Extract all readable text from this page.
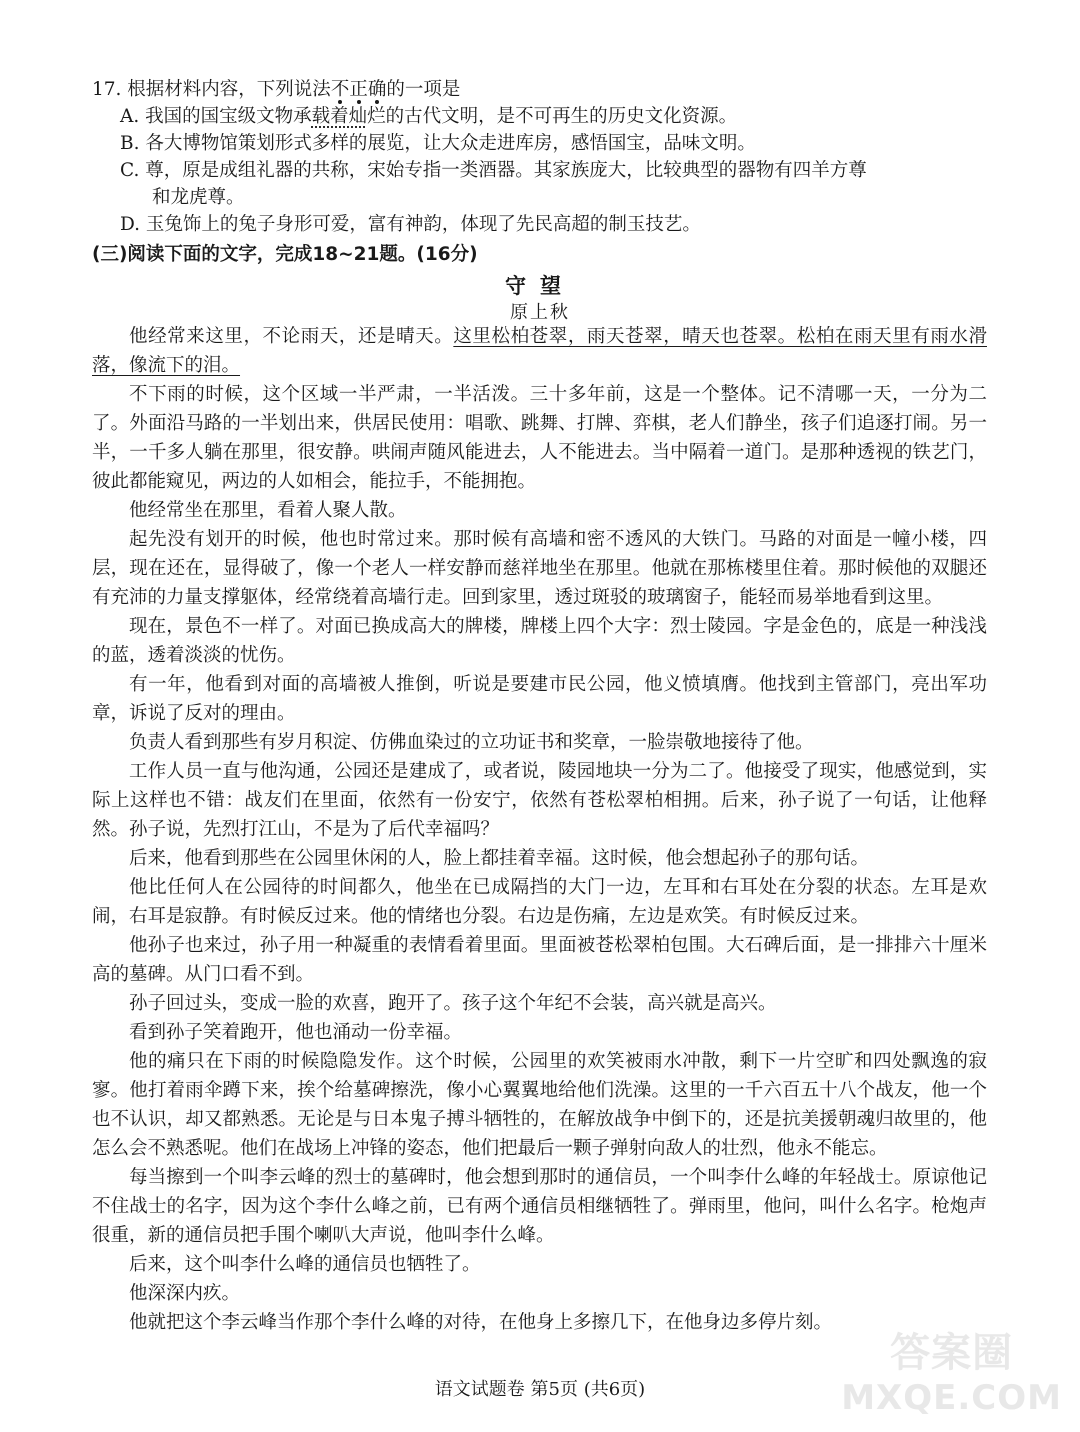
17. 根据材料内容，下列说法不正确的一项是
A. 我国的国宝级文物承载着灿烂的古代文明，是不可再生的历史文化资源。
B. 各大博物馆策划形式多样的展览，让大众走进库房，感悟国宝，品味文明。
C. 尊，原是成组礼器的共称，宋始专指一类酒器。其家族庞大，比较典型的器物有四羊方尊
和龙虎尊。
D. 玉兔饰上的兔子身形可爱，富有神韵，体现了先民高超的制玉技艺。
(三)阅读下面的文字，完成18~21题。(16分)
守望
原上秋

他经常来这里，不论雨天，还是晴天。这里松柏苍翠，雨天苍翠，晴天也苍翠。松柏在雨天里有雨水滑落，像流下的泪。

不下雨的时候，这个区域一半严肃，一半活泼。三十多年前，这是一个整体。记不清哪一天，一分为二了。外面沿马路的一半划出来，供居民使用：唱歌、跳舞、打牌、弈棋，老人们静坐，孩子们追逐打闹。另一半，一千多人躺在那里，很安静。哄闹声随风能进去，人不能进去。当中隔着一道门。是那种透视的铁艺门，彼此都能窥见，两边的人如相会，能拉手，不能拥抱。

他经常坐在那里，看着人聚人散。

起先没有划开的时候，他也时常过来。那时候有高墙和密不透风的大铁门。马路的对面是一幢小楼，四层，现在还在，显得破了，像一个老人一样安静而慈祥地坐在那里。他就在那栋楼里住着。那时候他的双腿还有充沛的力量支撑躯体，经常绕着高墙行走。回到家里，透过斑驳的玻璃窗子，能轻而易举地看到这里。

现在，景色不一样了。对面已换成高大的牌楼，牌楼上四个大字：烈士陵园。字是金色的，底是一种浅浅的蓝，透着淡淡的忧伤。

有一年，他看到对面的高墙被人推倒，听说是要建市民公园，他义愤填膺。他找到主管部门，亮出军功章，诉说了反对的理由。

负责人看到那些有岁月积淀、仿佛血染过的立功证书和奖章，一脸崇敬地接待了他。

工作人员一直与他沟通，公园还是建成了，或者说，陵园地块一分为二了。他接受了现实，他感觉到，实际上这样也不错：战友们在里面，依然有一份安宁，依然有苍松翠柏相拥。后来，孙子说了一句话，让他释然。孙子说，先烈打江山，不是为了后代幸福吗？

后来，他看到那些在公园里休闲的人，脸上都挂着幸福。这时候，他会想起孙子的那句话。

他比任何人在公园待的时间都久，他坐在已成隔挡的大门一边，左耳和右耳处在分裂的状态。左耳是欢闹，右耳是寂静。有时候反过来。他的情绪也分裂。右边是伤痛，左边是欢笑。有时候反过来。

他孙子也来过，孙子用一种凝重的表情看着里面。里面被苍松翠柏包围。大石碑后面，是一排排六十厘米高的墓碑。从门口看不到。

孙子回过头，变成一脸的欢喜，跑开了。孩子这个年纪不会装，高兴就是高兴。

看到孙子笑着跑开，他也涌动一份幸福。

他的痛只在下雨的时候隐隐发作。这个时候，公园里的欢笑被雨水冲散，剩下一片空旷和四处飘逸的寂寥。他打着雨伞蹲下来，挨个给墓碑擦洗，像小心翼翼地给他们洗澡。这里的一千六百五十八个战友，他一个也不认识，却又都熟悉。无论是与日本鬼子搏斗牺牲的，在解放战争中倒下的，还是抗美援朝魂归故里的，他怎么会不熟悉呢。他们在战场上冲锋的姿态，他们把最后一颗子弹射向敌人的壮烈，他永不能忘。

每当擦到一个叫李云峰的烈士的墓碑时，他会想到那时的通信员，一个叫李什么峰的年轻战士。原谅他记不住战士的名字，因为这个李什么峰之前，已有两个通信员相继牺牲了。弹雨里，他问，叫什么名字。枪炮声很重，新的通信员把手围个喇叭大声说，他叫李什么峰。

后来，这个叫李什么峰的通信员也牺牲了。

他深深内疚。

他就把这个李云峰当作那个李什么峰的对待，在他身上多擦几下，在他身边多停片刻。

语文试题卷 第5页 (共6页)
答案圈
MXQE.COM
